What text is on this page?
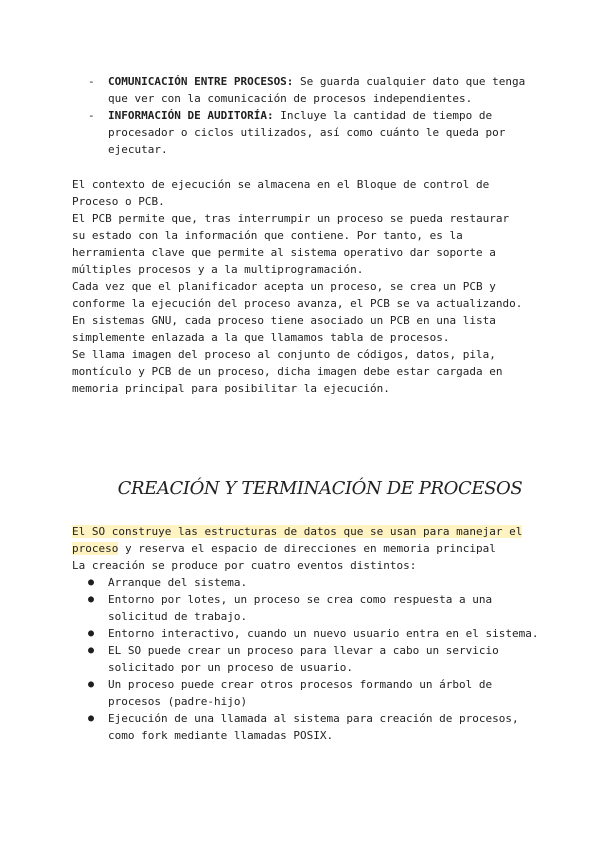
- COMUNICACIÓN ENTRE PROCESOS: Se guarda cualquier dato que tenga que ver con la comunicación de procesos independientes.
- INFORMACIÓN DE AUDITORÍA: Incluye la cantidad de tiempo de procesador o ciclos utilizados, así como cuánto le queda por ejecutar.

El contexto de ejecución se almacena en el Bloque de control de
Proceso o PCB.

El PCB permite que, tras interrumpir un proceso se pueda restaurar
su estado con la información que contiene. Por tanto, es la
herramienta clave que permite al sistema operativo dar soporte a
múltiples procesos y a la multiprogramación.

Cada vez que el planificador acepta un proceso, se crea un PCB y
conforme la ejecución del proceso avanza, el PCB se va actualizando.

En sistemas GNU, cada proceso tiene asociado un PCB en una lista
simplemente enlazada a la que llamamos tabla de procesos.

Se llama imagen del proceso al conjunto de códigos, datos, pila,
montículo y PCB de un proceso, dicha imagen debe estar cargada en
memoria principal para posibilitar la ejecución.

CREACIÓN Y TERMINACIÓN DE PROCESOS

El SO construye las estructuras de datos que se usan para manejar el proceso y reserva el espacio de direcciones en memoria principal

La creación se produce por cuatro eventos distintos:

● Arranque del sistema.
● Entorno por lotes, un proceso se crea como respuesta a una solicitud de trabajo.
● Entorno interactivo, cuando un nuevo usuario entra en el sistema.
● EL SO puede crear un proceso para llevar a cabo un servicio solicitado por un proceso de usuario.
● Un proceso puede crear otros procesos formando un árbol de procesos (padre-hijo)
● Ejecución de una llamada al sistema para creación de procesos, como fork mediante llamadas POSIX.
